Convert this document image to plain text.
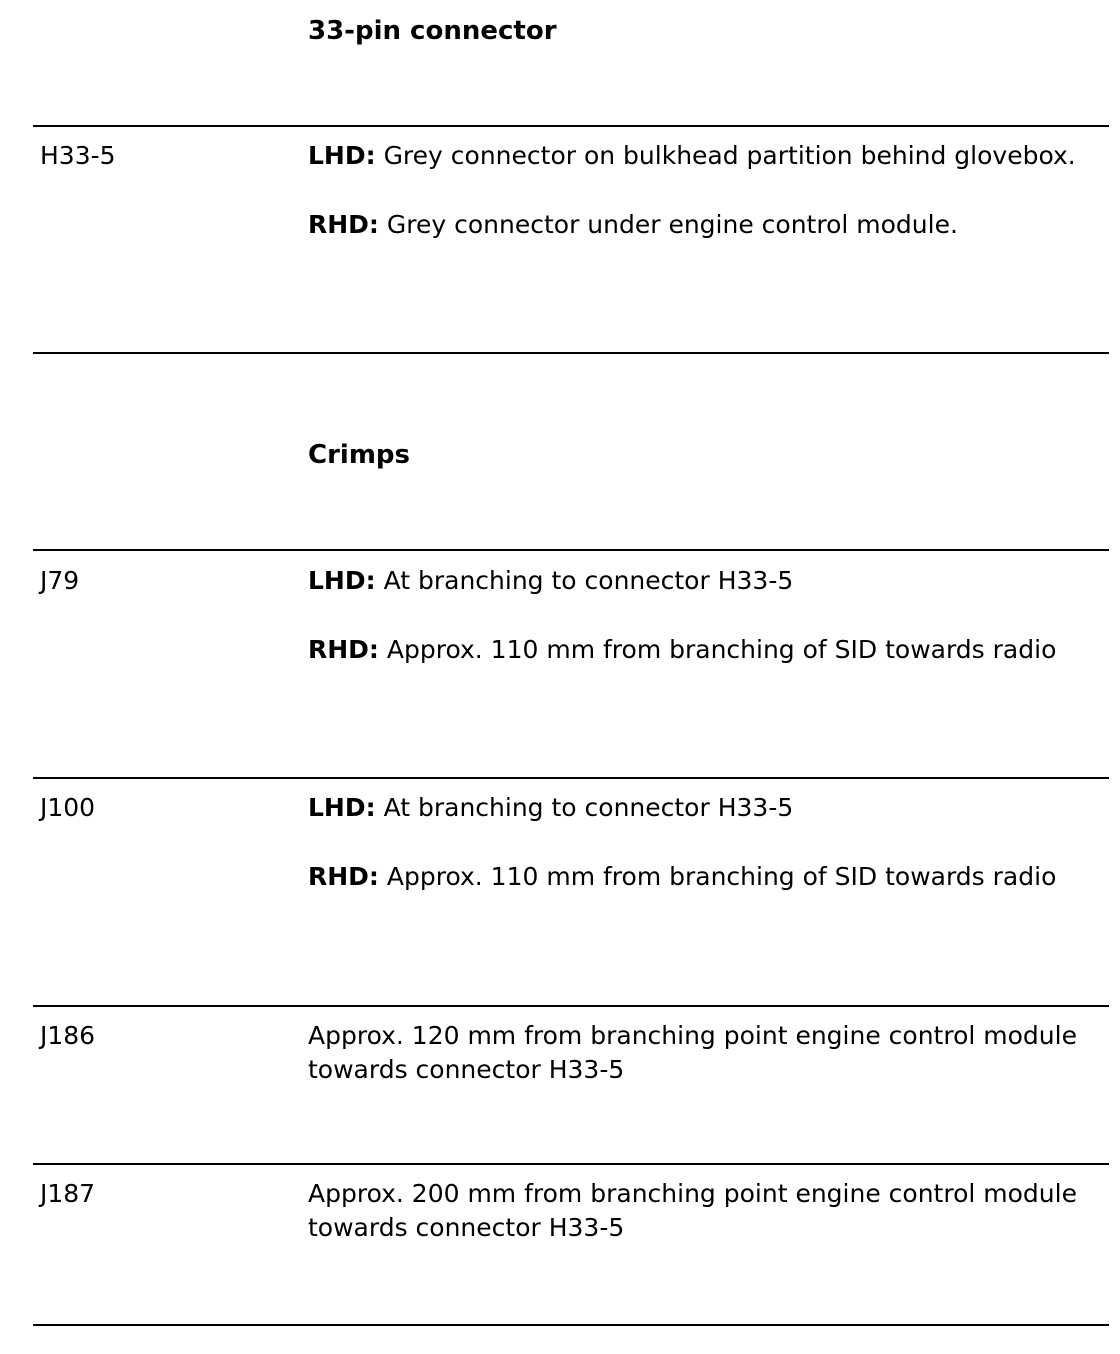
33-pin connector
H33-5	LHD: Grey connector on bulkhead partition behind glovebox.

RHD: Grey connector under engine control module.

Crimps
J79	LHD: At branching to connector H33-5

RHD: Approx. 110 mm from branching of SID towards radio

J100	LHD: At branching to connector H33-5

RHD: Approx. 110 mm from branching of SID towards radio

J186	Approx. 120 mm from branching point engine control module towards connector H33-5

J187	Approx. 200 mm from branching point engine control module towards connector H33-5
